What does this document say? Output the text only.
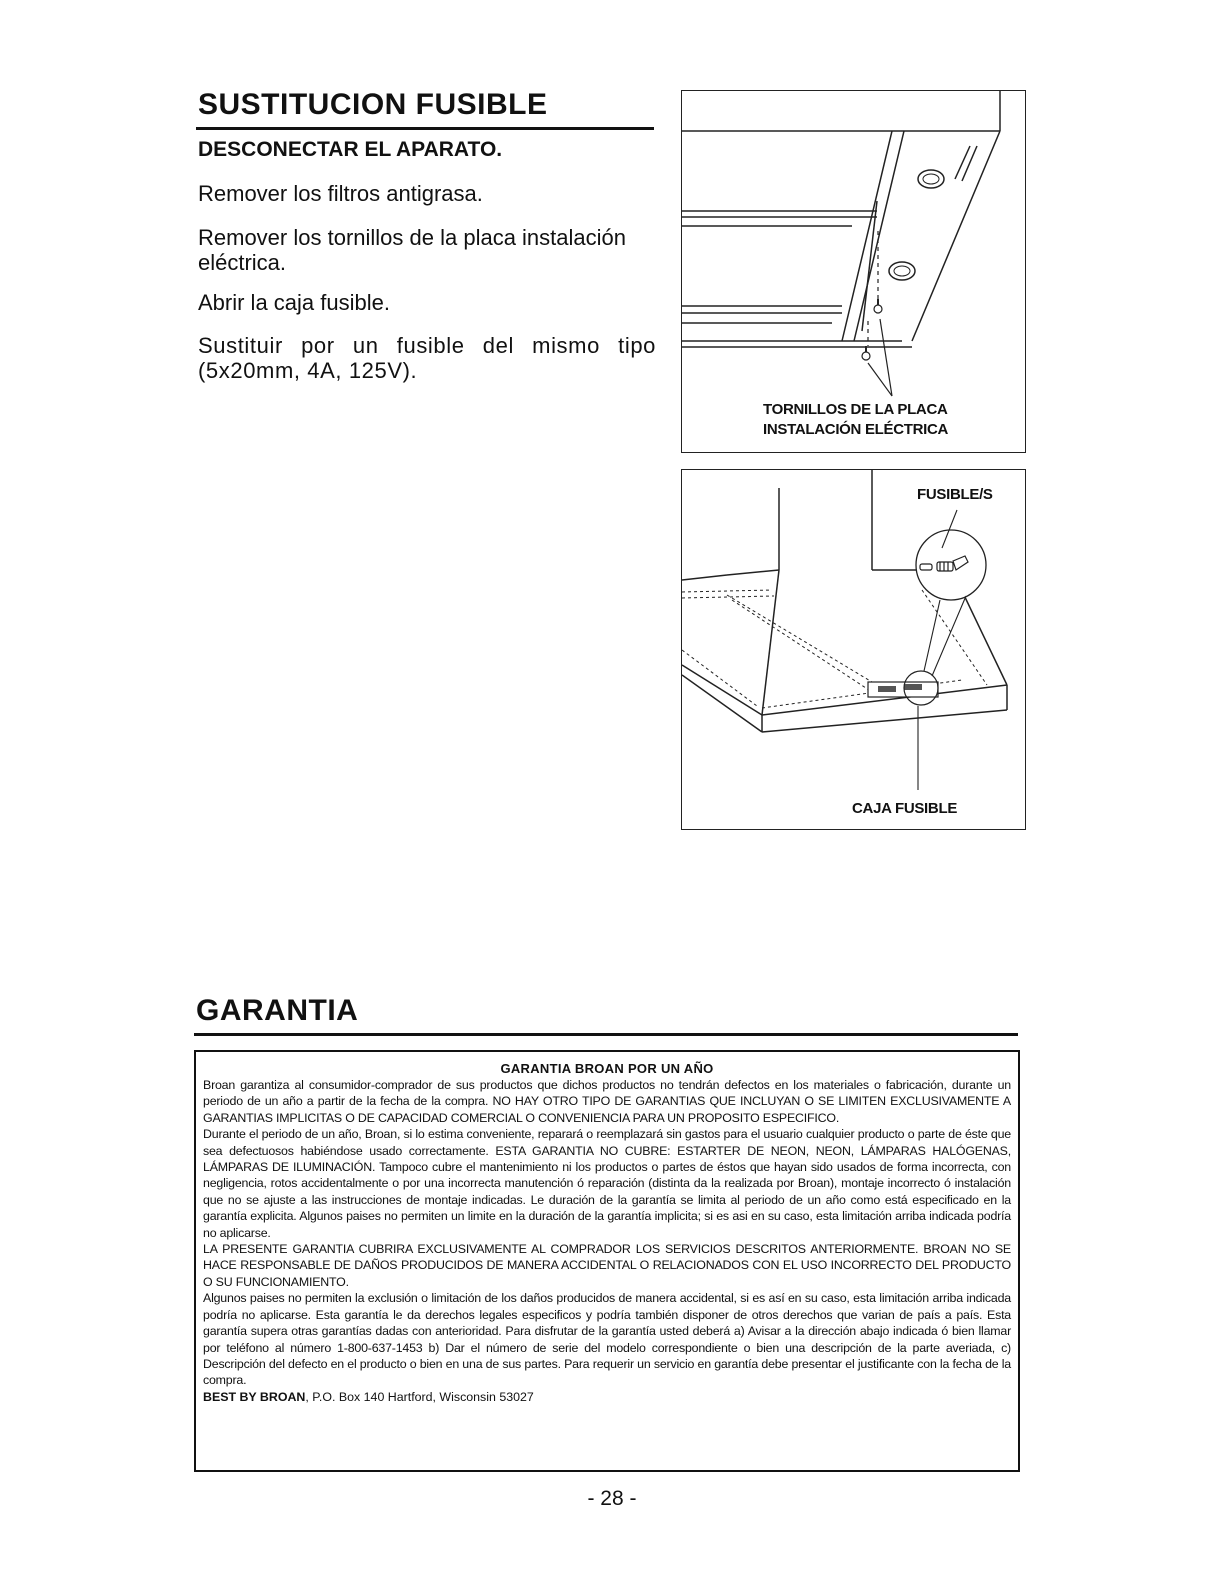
SUSTITUCION FUSIBLE
DESCONECTAR EL APARATO.
Remover los filtros antigrasa.
Remover los tornillos de la placa instalación eléctrica.
Abrir la caja fusible.
Sustituir por un fusible del mismo tipo (5x20mm, 4A, 125V).
TORNILLOS DE LA PLACA
INSTALACIÓN ELÉCTRICA
FUSIBLE/S
CAJA FUSIBLE
GARANTIA
GARANTIA BROAN POR UN AÑO

Broan garantiza al consumidor-comprador de sus productos que dichos productos no tendrán defectos en los materiales o fabricación, durante un periodo de un año a partir de la fecha de la compra. NO HAY OTRO TIPO DE GARANTIAS QUE INCLUYAN O SE LIMITEN EXCLUSIVAMENTE A GARANTIAS IMPLICITAS O DE CAPACIDAD COMERCIAL O CONVENIENCIA PARA UN PROPOSITO ESPECIFICO.

Durante el periodo de un año, Broan, si lo estima conveniente, reparará o reemplazará sin gastos para el usuario cualquier producto o parte de éste que sea defectuosos habiéndose usado correctamente. ESTA GARANTIA NO CUBRE: ESTARTER DE NEON, NEON, LÁMPARAS HALÓGENAS, LÁMPARAS DE ILUMINACIÓN. Tampoco cubre el mantenimiento ni los productos o partes de éstos que hayan sido usados de forma incorrecta, con negligencia, rotos accidentalmente o por una incorrecta manutención ó reparación (distinta da la realizada por Broan), montaje incorrecto ó instalación que no se ajuste a las instrucciones de montaje indicadas. Le duración de la garantía se limita al periodo de un año como está especificado en la garantía explicita. Algunos paises no permiten un limite en la duración de la garantía implicita; si es asi en su caso, esta limitación arriba indicada podría no aplicarse.

LA PRESENTE GARANTIA CUBRIRA EXCLUSIVAMENTE AL COMPRADOR LOS SERVICIOS DESCRITOS ANTERIORMENTE. BROAN NO SE HACE RESPONSABLE DE DAÑOS PRODUCIDOS DE MANERA ACCIDENTAL O RELACIONADOS CON EL USO INCORRECTO DEL PRODUCTO O SU FUNCIONAMIENTO.

Algunos paises no permiten la exclusión o limitación de los daños producidos de manera accidental, si es así en su caso, esta limitación arriba indicada podría no aplicarse. Esta garantía le da derechos legales especificos y podría también disponer de otros derechos que varian de país a país. Esta garantía supera otras garantías dadas con anterioridad. Para disfrutar de la garantía usted deberá a) Avisar a la dirección abajo indicada ó bien llamar por teléfono al número 1-800-637-1453 b) Dar el número de serie del modelo correspondiente o bien una descripción de la parte averiada, c) Descripción del defecto en el producto o bien en una de sus partes. Para requerir un servicio en garantía debe presentar el justificante con la fecha de la compra.

BEST BY BROAN, P.O. Box 140 Hartford, Wisconsin 53027

- 28 -
